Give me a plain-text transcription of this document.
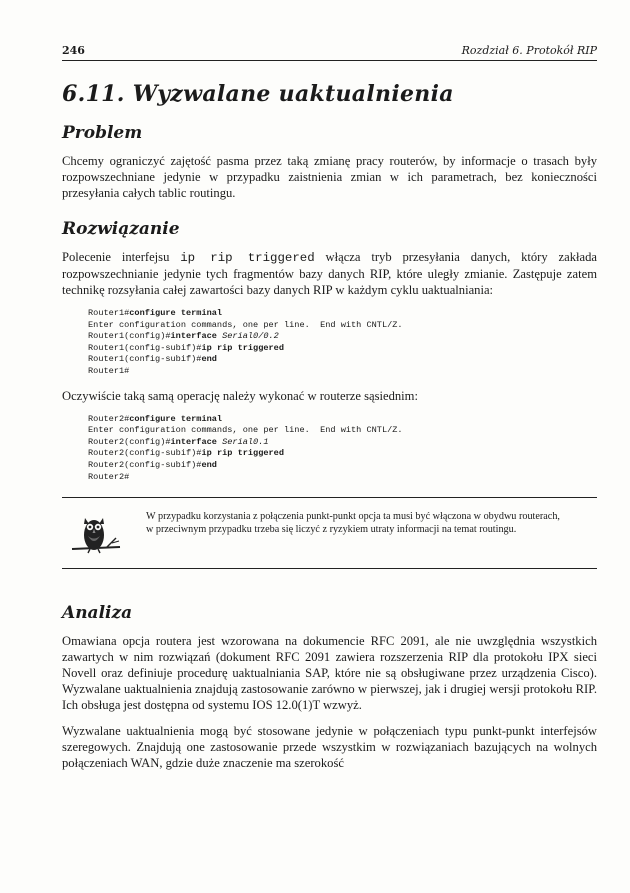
246	Rozdział 6. Protokół RIP
6.11. Wyzwalane uaktualnienia
Problem

Chcemy ograniczyć zajętość pasma przez taką zmianę pracy routerów, by informacje o trasach były rozpowszechniane jedynie w przypadku zaistnienia zmian w ich parametrach, bez konieczności przesyłania całych tablic routingu.

Rozwiązanie

Polecenie interfejsu ip rip triggered włącza tryb przesyłania danych, który zakłada rozpowszechnianie jedynie tych fragmentów bazy danych RIP, które uległy zmianie. Zastępuje zatem technikę rozsyłania całej zawartości bazy danych RIP w każdym cyklu uaktualniania:

Router1#configure terminal
Enter configuration commands, one per line.  End with CNTL/Z.
Router1(config)#interface Serial0/0.2
Router1(config-subif)#ip rip triggered
Router1(config-subif)#end
Router1#

Oczywiście taką samą operację należy wykonać w routerze sąsiednim:

Router2#configure terminal
Enter configuration commands, one per line.  End with CNTL/Z.
Router2(config)#interface Serial0.1
Router2(config-subif)#ip rip triggered
Router2(config-subif)#end
Router2#

W przypadku korzystania z połączenia punkt-punkt opcja ta musi być włączona w obydwu routerach, w przeciwnym przypadku trzeba się liczyć z ryzykiem utraty informacji na temat routingu.

Analiza

Omawiana opcja routera jest wzorowana na dokumencie RFC 2091, ale nie uwzględnia wszystkich zawartych w nim rozwiązań (dokument RFC 2091 zawiera rozszerzenia RIP dla protokołu IPX sieci Novell oraz definiuje procedurę uaktualniania SAP, które nie są obsługiwane przez urządzenia Cisco). Wyzwalane uaktualnienia znajdują zastosowanie zarówno w pierwszej, jak i drugiej wersji protokołu RIP. Ich obsługa jest dostępna od systemu IOS 12.0(1)T wzwyż.

Wyzwalane uaktualnienia mogą być stosowane jedynie w połączeniach typu punkt-punkt interfejsów szeregowych. Znajdują one zastosowanie przede wszystkim w rozwiązaniach bazujących na wolnych połączeniach WAN, gdzie duże znaczenie ma szerokość
